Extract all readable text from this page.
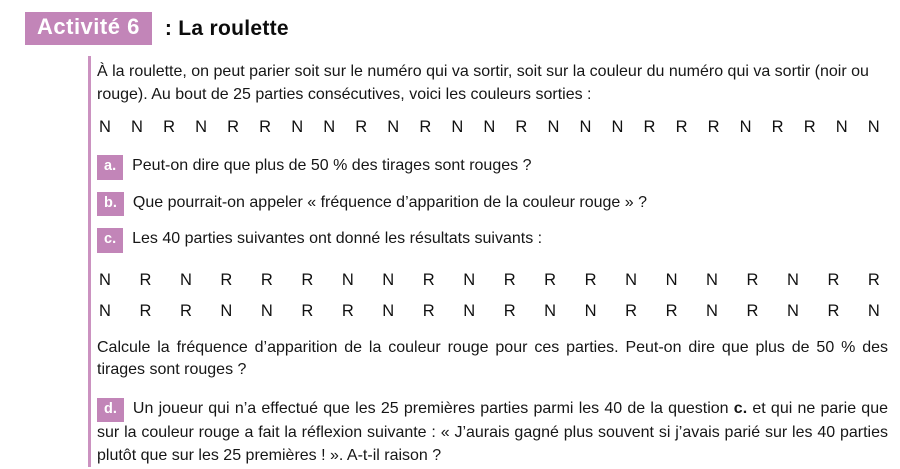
Activité 6	: La roulette

À la roulette, on peut parier soit sur le numéro qui va sortir, soit sur la couleur du numéro qui va sortir (noir ou rouge). Au bout de 25 parties consécutives, voici les couleurs sorties :

N N R N R R N N R N R N N R N N N R R R N R R N N
a. Peut-on dire que plus de 50 % des tirages sont rouges ?
b. Que pourrait-on appeler « fréquence d’apparition de la couleur rouge » ?
c. Les 40 parties suivantes ont donné les résultats suivants :
N R N R R R N N R N R R R N N N R N R R
N R R N N R R N R N R N N R R N R N R N

Calcule la fréquence d’apparition de la couleur rouge pour ces parties. Peut-on dire que plus de 50 % des tirages sont rouges ?

d. Un joueur qui n’a effectué que les 25 premières parties parmi les 40 de la question c. et qui ne parie que sur la couleur rouge a fait la réflexion suivante : « J’aurais gagné plus souvent si j’avais parié sur les 40 parties plutôt que sur les 25 premières ! ». A-t-il raison ?
